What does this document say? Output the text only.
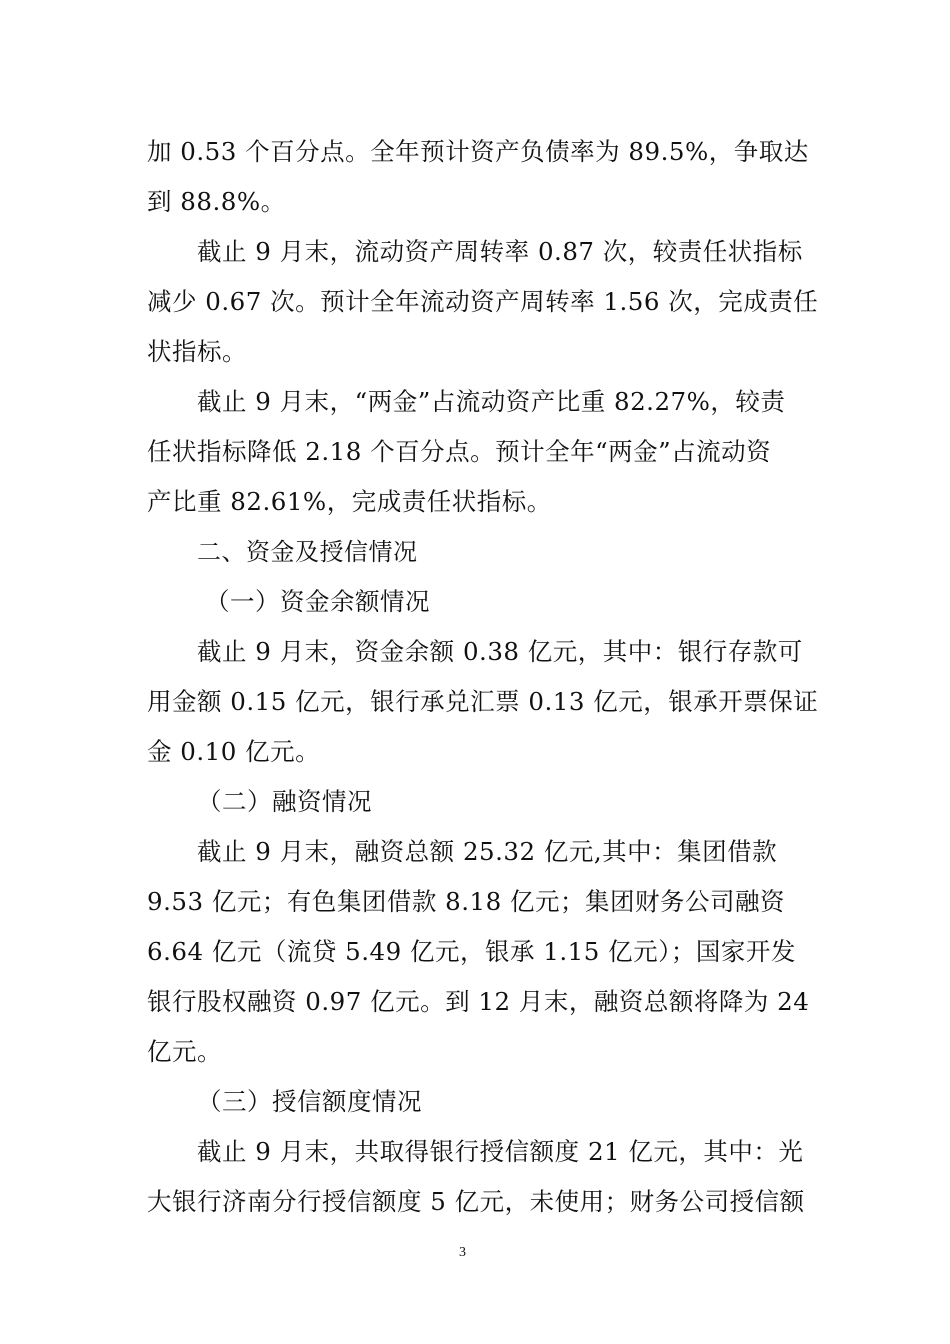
加 0.53 个百分点。全年预计资产负债率为 89.5%，争取达
到 88.8%。
截止 9 月末，流动资产周转率 0.87 次，较责任状指标
减少 0.67 次。预计全年流动资产周转率 1.56 次，完成责任
状指标。
截止 9 月末，“两金”占流动资产比重 82.27%，较责
任状指标降低 2.18 个百分点。预计全年“两金”占流动资
产比重 82.61%，完成责任状指标。
二、资金及授信情况
（一）资金余额情况
截止 9 月末，资金余额 0.38 亿元，其中：银行存款可
用金额 0.15 亿元，银行承兑汇票 0.13 亿元，银承开票保证
金 0.10 亿元。
（二）融资情况
截止 9 月末，融资总额 25.32 亿元,其中：集团借款
9.53 亿元；有色集团借款 8.18 亿元；集团财务公司融资
6.64 亿元（流贷 5.49 亿元，银承 1.15 亿元）；国家开发
银行股权融资 0.97 亿元。到 12 月末，融资总额将降为 24
亿元。
（三）授信额度情况
截止 9 月末，共取得银行授信额度 21 亿元，其中：光
大银行济南分行授信额度 5 亿元，未使用；财务公司授信额
3
